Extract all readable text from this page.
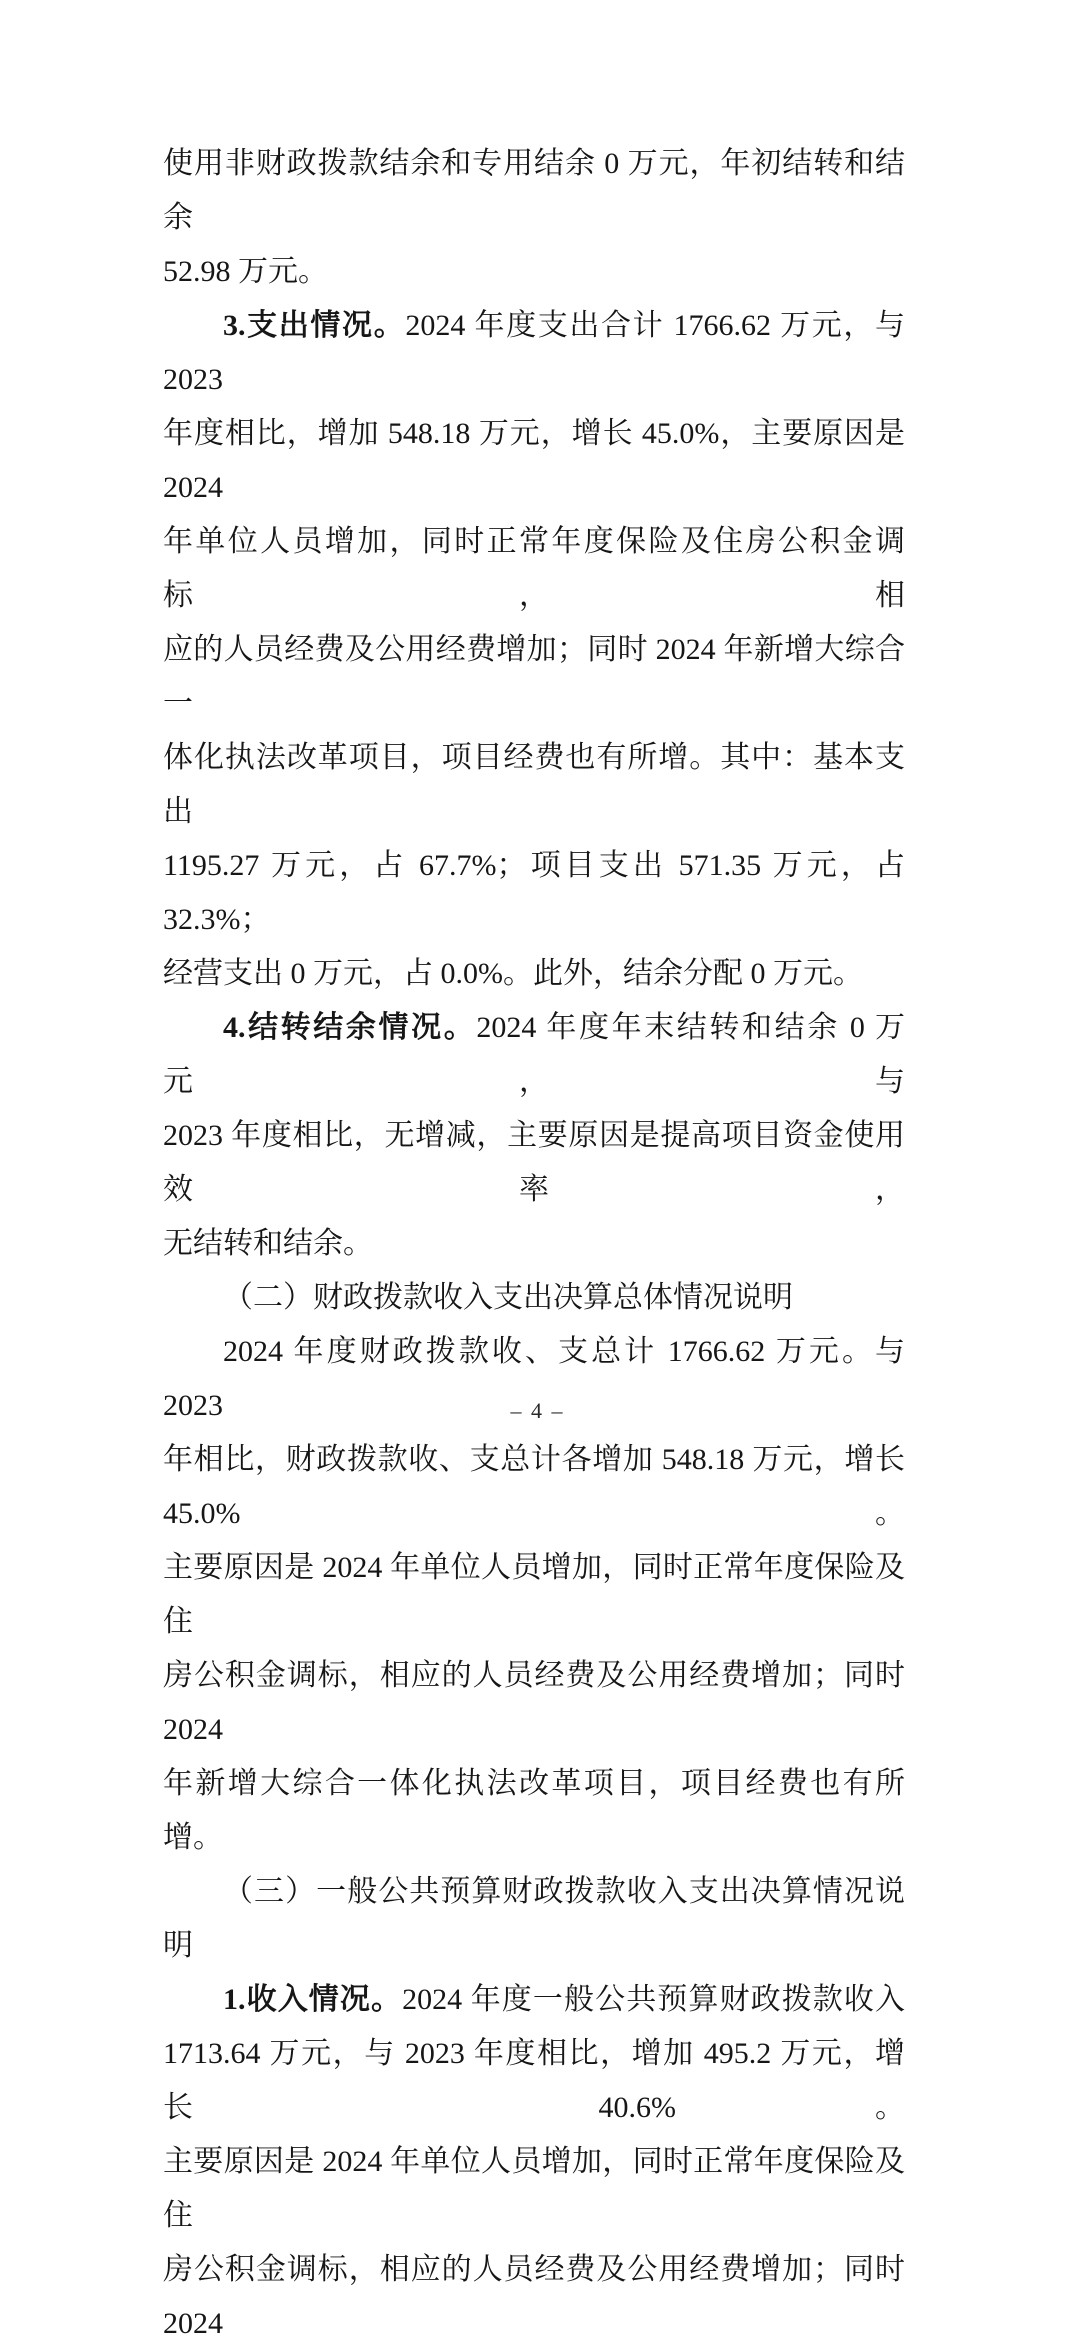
使用非财政拨款结余和专用结余 0 万元，年初结转和结余
52.98 万元。
3.支出情况。2024 年度支出合计 1766.62 万元，与 2023
年度相比，增加 548.18 万元，增长 45.0%，主要原因是 2024
年单位人员增加，同时正常年度保险及住房公积金调标，相
应的人员经费及公用经费增加；同时 2024 年新增大综合一
体化执法改革项目，项目经费也有所增。其中：基本支出
1195.27 万元，占 67.7%；项目支出 571.35 万元，占 32.3%；
经营支出 0 万元，占 0.0%。此外，结余分配 0 万元。
4.结转结余情况。2024 年度年末结转和结余 0 万元，与
2023 年度相比，无增减，主要原因是提高项目资金使用效率，
无结转和结余。
（二）财政拨款收入支出决算总体情况说明
2024 年度财政拨款收、支总计 1766.62 万元。与 2023
年相比，财政拨款收、支总计各增加 548.18 万元，增长 45.0%。
主要原因是 2024 年单位人员增加，同时正常年度保险及住
房公积金调标，相应的人员经费及公用经费增加；同时 2024
年新增大综合一体化执法改革项目，项目经费也有所增。
（三）一般公共预算财政拨款收入支出决算情况说明
1.收入情况。2024 年度一般公共预算财政拨款收入
1713.64 万元，与 2023 年度相比，增加 495.2 万元，增长 40.6%。
主要原因是 2024 年单位人员增加，同时正常年度保险及住
房公积金调标，相应的人员经费及公用经费增加；同时 2024
– 4 –
